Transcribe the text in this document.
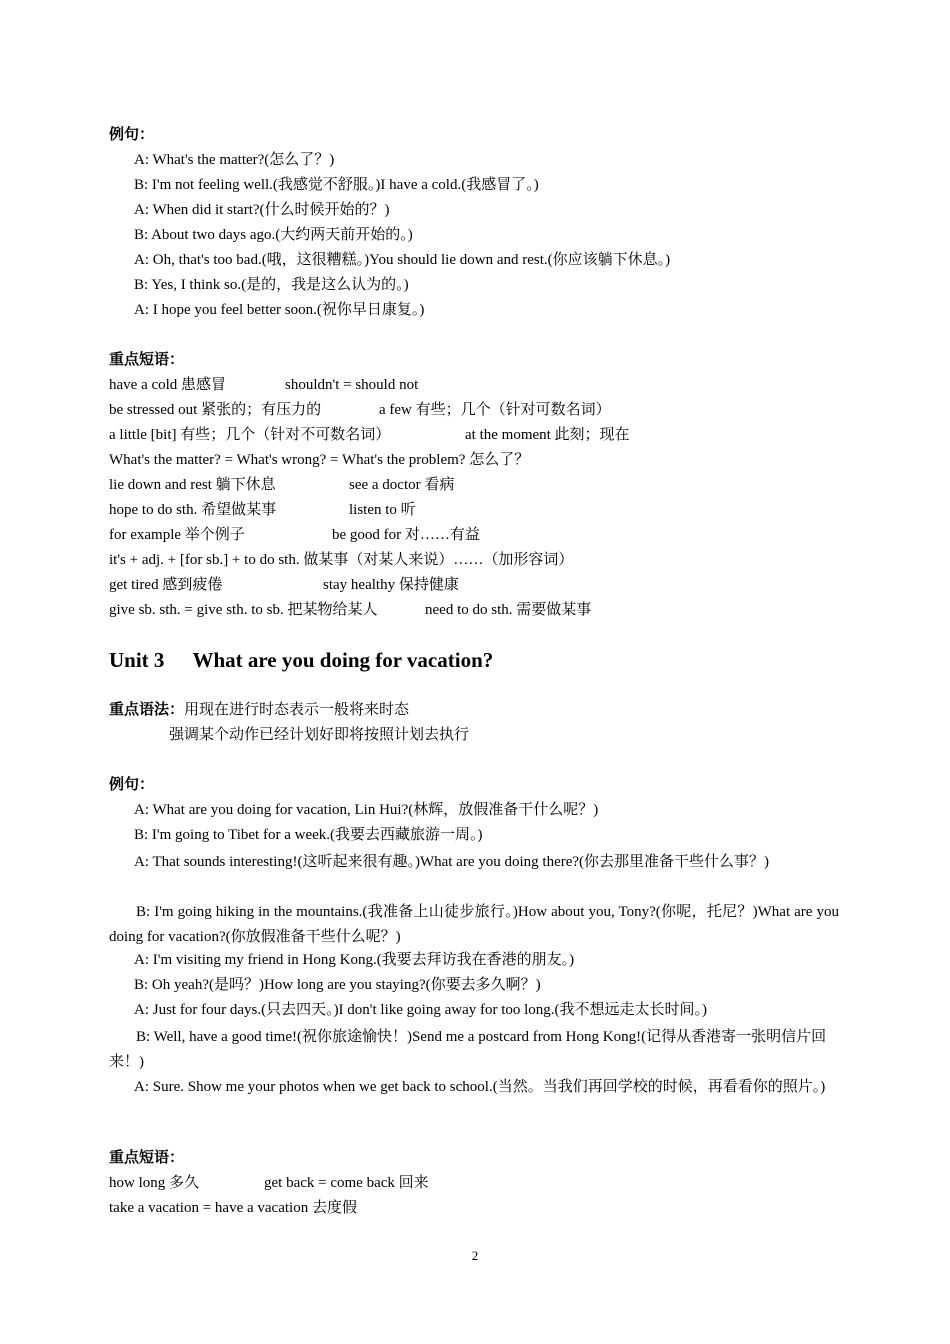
例句：
A: What's the matter?(怎么了？)
B: I'm not feeling well.(我感觉不舒服。)I have a cold.(我感冒了。)
A: When did it start?(什么时候开始的？)
B: About two days ago.(大约两天前开始的。)
A: Oh, that's too bad.(哦，这很糟糕。)You should lie down and rest.(你应该躺下休息。)
B: Yes, I think so.(是的，我是这么认为的。)
A: I hope you feel better soon.(祝你早日康复。)
重点短语：
have a cold 患感冒	shouldn't = should not
be stressed out 紧张的；有压力的	a few 有些；几个（针对可数名词）
a little [bit] 有些；几个（针对不可数名词）	at the moment 此刻；现在
What's the matter? = What's wrong? = What's the problem? 怎么了？
lie down and rest 躺下休息	see a doctor 看病
hope to do sth. 希望做某事	listen to 听
for example 举个例子	be good for 对……有益
it's + adj. + [for sb.] + to do sth. 做某事（对某人来说）……（加形容词）
get tired 感到疲倦	stay healthy 保持健康
give sb. sth. = give sth. to sb. 把某物给某人	need to do sth. 需要做某事
Unit 3 What are you doing for vacation?
重点语法：用现在进行时态表示一般将来时态
强调某个动作已经计划好即将按照计划去执行
例句：
A: What are you doing for vacation, Lin Hui?(林辉，放假准备干什么呢？)
B: I'm going to Tibet for a week.(我要去西藏旅游一周。)
A: That sounds interesting!(这听起来很有趣。)What are you doing there?(你去那里准备干些什么事？)
B: I'm going hiking in the mountains.(我准备上山徒步旅行。)How about you, Tony?(你呢，托尼？)What are you doing for vacation?(你放假准备干些什么呢？)
A: I'm visiting my friend in Hong Kong.(我要去拜访我在香港的朋友。)
B: Oh yeah?(是吗？)How long are you staying?(你要去多久啊？)
A: Just for four days.(只去四天。)I don't like going away for too long.(我不想远走太长时间。)
B: Well, have a good time!(祝你旅途愉快！)Send me a postcard from Hong Kong!(记得从香港寄一张明信片回来！)
A: Sure. Show me your photos when we get back to school.(当然。当我们再回学校的时候，再看看你的照片。)
重点短语：
how long 多久	get back = come back 回来
take a vacation = have a vacation 去度假
2
